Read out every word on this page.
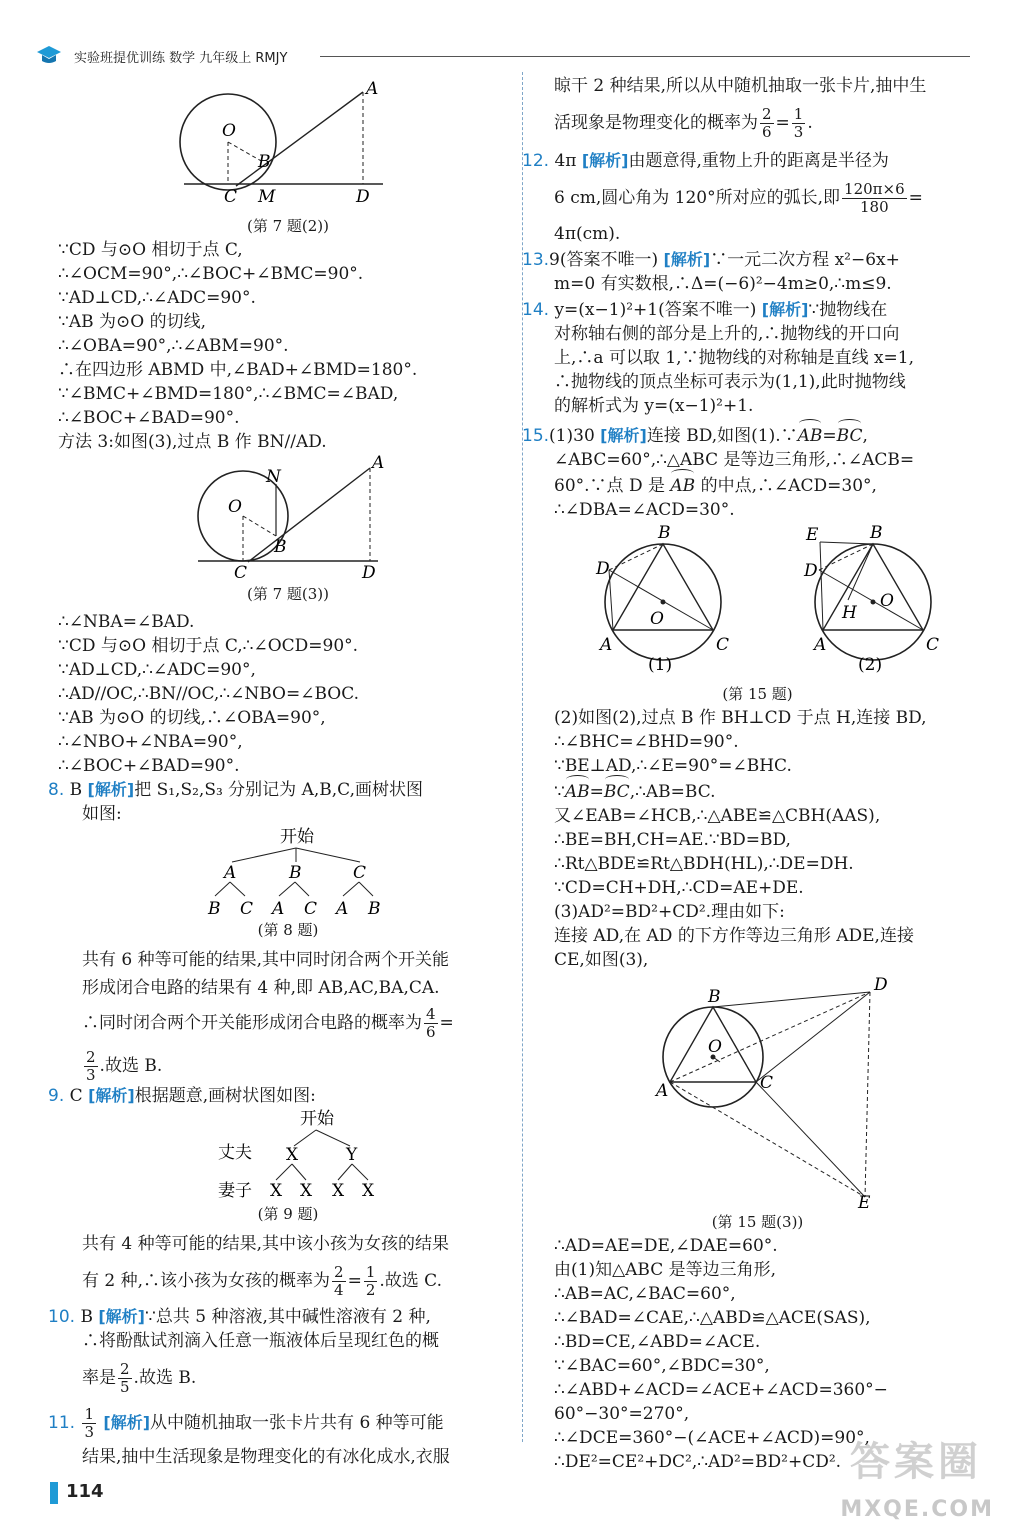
实验班提优训练 数学 九年级上 RMJY
A
O
B
C M	D
(第 7 题(2))
∵CD 与⊙O 相切于点 C,
∴∠OCM=90°,∴∠BOC+∠BMC=90°.
∵AD⊥CD,∴∠ADC=90°.
∵AB 为⊙O 的切线,
∴∠OBA=90°,∴∠ABM=90°.
∴在四边形 ABMD 中,∠BAD+∠BMD=180°.
∵∠BMC+∠BMD=180°,∴∠BMC=∠BAD,
∴∠BOC+∠BAD=90°.
方法 3:如图(3),过点 B 作 BN//AD.
A
N
O
B
C	D
(第 7 题(3))
∴∠NBA=∠BAD.
∵CD 与⊙O 相切于点 C,∴∠OCD=90°.
∵AD⊥CD,∴∠ADC=90°,
∴AD//OC,∴BN//OC,∴∠NBO=∠BOC.
∵AB 为⊙O 的切线,∴∠OBA=90°,
∴∠NBO+∠NBA=90°,
∴∠BOC+∠BAD=90°.
8. B [解析]把 S₁,S₂,S₃ 分别记为 A,B,C,画树状图
如图:
开始
A	B	C
B C A C A B
(第 8 题)
共有 6 种等可能的结果,其中同时闭合两个开关能
形成闭合电路的结果有 4 种,即 AB,AC,BA,CA.
∴同时闭合两个开关能形成闭合电路的概率为 $\frac{4}{6}$ =
$\frac{2}{3}$ .故选 B.
9. C [解析]根据题意,画树状图如图:
开始
丈夫 X	Y
妻子 X X X X
(第 9 题)
共有 4 种等可能的结果,其中该小孩为女孩的结果
有 2 种,∴该小孩为女孩的概率为 $\frac{2}{4} = \frac{1}{2}$ .故选 C.
10. B [解析]∵总共 5 种溶液,其中碱性溶液有 2 种,
∴将酚酞试剂滴入任意一瓶液体后呈现红色的概
率是 $\frac{2}{5}$ .故选 B.
11. $\frac{1}{3}$ [解析]从中随机抽取一张卡片共有 6 种等可能
结果,抽中生活现象是物理变化的有冰化成水,衣服
晾干 2 种结果,所以从中随机抽取一张卡片,抽中生
活现象是物理变化的概率为 $\frac{2}{6} = \frac{1}{3}$ .
12. 4π [解析]由题意得,重物上升的距离是半径为
6 cm,圆心角为 120°所对应的弧长,即 $\frac{120\pi\times 6}{180}$ =
4π(cm).
13.9(答案不唯一) [解析]∵一元二次方程 x²−6x+
m=0 有实数根,∴Δ=(−6)²−4m≥0,∴m≤9.
14. y=(x−1)²+1(答案不唯一) [解析]∵抛物线在
对称轴右侧的部分是上升的,∴抛物线的开口向
上,∴a 可以取 1,∵抛物线的对称轴是直线 x=1,
∴抛物线的顶点坐标可表示为(1,1),此时抛物线
的解析式为 y=(x−1)²+1.
15.(1)30 [解析]连接 BD,如图(1).∵AB=BC,
∠ABC=60°,∴△ABC 是等边三角形,∴∠ACB=
60°.∵点 D 是 AB 的中点,∴∠ACD=30°,
∴∠DBA=∠ACD=30°.
B
D
O
A	C
(1)
E	B
D
O
H
A	C
(2)
(第 15 题)
(2)如图(2),过点 B 作 BH⊥CD 于点 H,连接 BD,
∴∠BHC=∠BHD=90°.
∵BE⊥AD,∴∠E=90°=∠BHC.
∵AB=BC,∴AB=BC.
又∠EAB=∠HCB,∴△ABE≌△CBH(AAS),
∴BE=BH,CH=AE.∵BD=BD,
∴Rt△BDE≌Rt△BDH(HL),∴DE=DH.
∵CD=CH+DH,∴CD=AE+DE.
(3)AD²=BD²+CD².理由如下:
连接 AD,在 AD 的下方作等边三角形 ADE,连接
CE,如图(3),
B
D
O
A	C
E
(第 15 题(3))
∴AD=AE=DE,∠DAE=60°.
由(1)知△ABC 是等边三角形,
∴AB=AC,∠BAC=60°,
∴∠BAD=∠CAE,∴△ABD≌△ACE(SAS),
∴BD=CE,∠ABD=∠ACE.
∵∠BAC=60°,∠BDC=30°,
∴∠ABD+∠ACD=∠ACE+∠ACD=360°−
60°−30°=270°,
∴∠DCE=360°−(∠ACE+∠ACD)=90°,
∴DE²=CE²+DC²,∴AD²=BD²+CD².
114
答案圈
MXQE.COM
